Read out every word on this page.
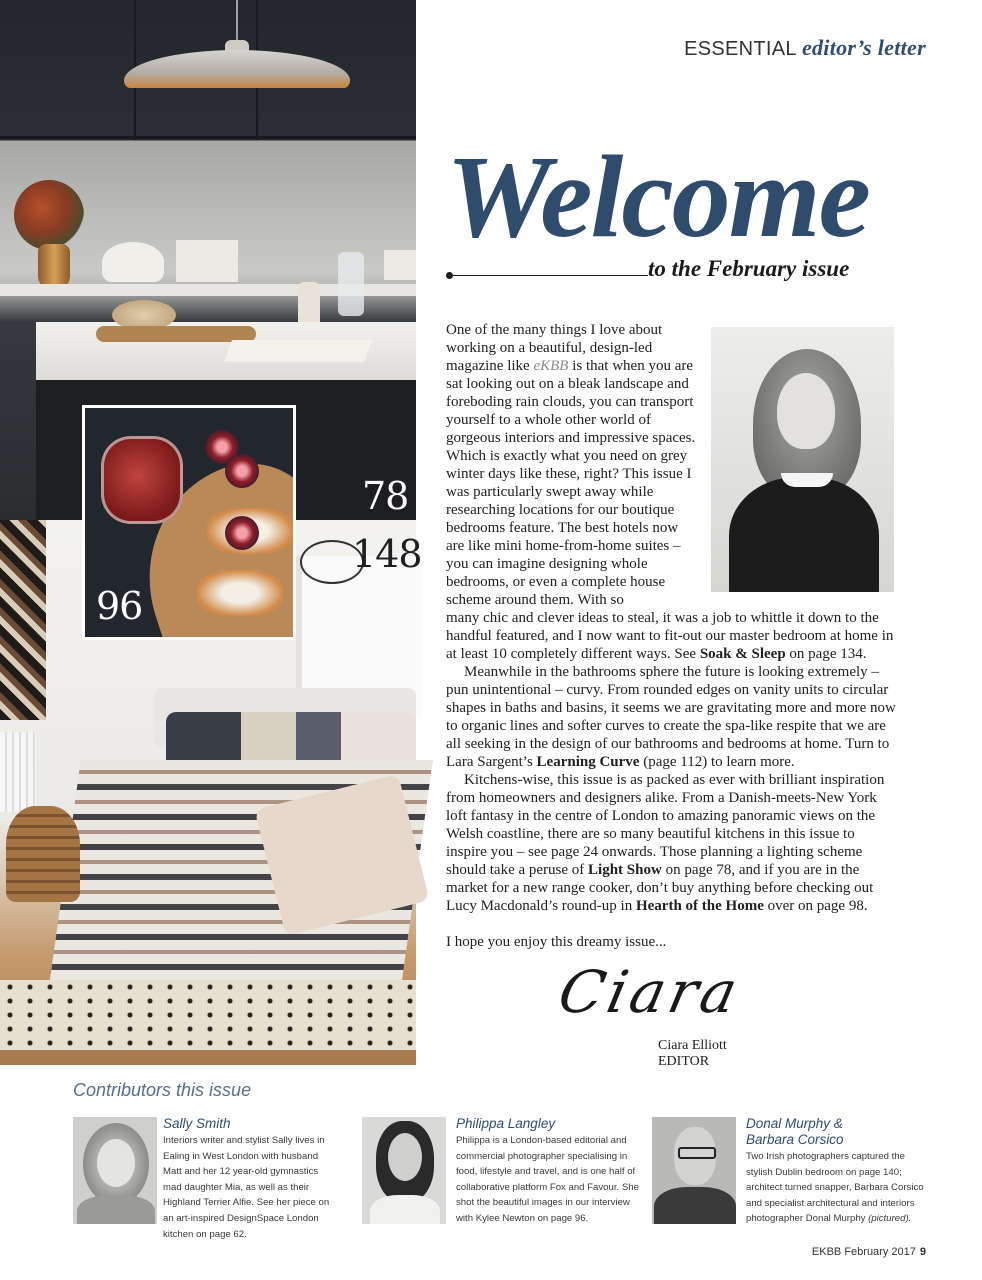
78
148
96
ESSENTIAL editor’s letter
Welcome
to the February issue

One of the many things I love about working on a beautiful, design-led magazine like eKBB is that when you are sat looking out on a bleak landscape and foreboding rain clouds, you can transport yourself to a whole other world of gorgeous interiors and impressive spaces. Which is exactly what you need on grey winter days like these, right? This issue I was particularly swept away while researching locations for our boutique bedrooms feature. The best hotels now are like mini home-from-home suites – you can imagine designing whole bedrooms, or even a complete house scheme around them. With so

many chic and clever ideas to steal, it was a job to whittle it down to the handful featured, and I now want to fit-out our master bedroom at home in at least 10 completely different ways. See Soak & Sleep on page 134.

Meanwhile in the bathrooms sphere the future is looking extremely – pun unintentional – curvy. From rounded edges on vanity units to circular shapes in baths and basins, it seems we are gravitating more and more now to organic lines and softer curves to create the spa-like respite that we are all seeking in the design of our bathrooms and bedrooms at home. Turn to Lara Sargent’s Learning Curve (page 112) to learn more.

Kitchens-wise, this issue is as packed as ever with brilliant inspiration from homeowners and designers alike. From a Danish-meets-New York loft fantasy in the centre of London to amazing panoramic views on the Welsh coastline, there are so many beautiful kitchens in this issue to inspire you – see page 24 onwards. Those planning a lighting scheme should take a peruse of Light Show on page 78, and if you are in the market for a new range cooker, don’t buy anything before checking out Lucy Macdonald’s round-up in Hearth of the Home over on page 98.

I hope you enjoy this dreamy issue...

Ciara
Ciara Elliott
EDITOR
Contributors this issue
Sally Smith
Interiors writer and stylist Sally lives in Ealing in West London with husband Matt and her 12 year-old gymnastics mad daughter Mia, as well as their Highland Terrier Alfie. See her piece on an art-inspired DesignSpace London kitchen on page 62.
Philippa Langley
Philippa is a London-based editorial and commercial photographer specialising in food, lifestyle and travel, and is one half of collaborative platform Fox and Favour. She shot the beautiful images in our interview with Kylee Newton on page 96.
Donal Murphy &
Barbara Corsico
Two Irish photographers captured the stylish Dublin bedroom on page 140; architect turned snapper, Barbara Corsico and specialist architectural and interiors photographer Donal Murphy (pictured).
EKBB February 2017 9
